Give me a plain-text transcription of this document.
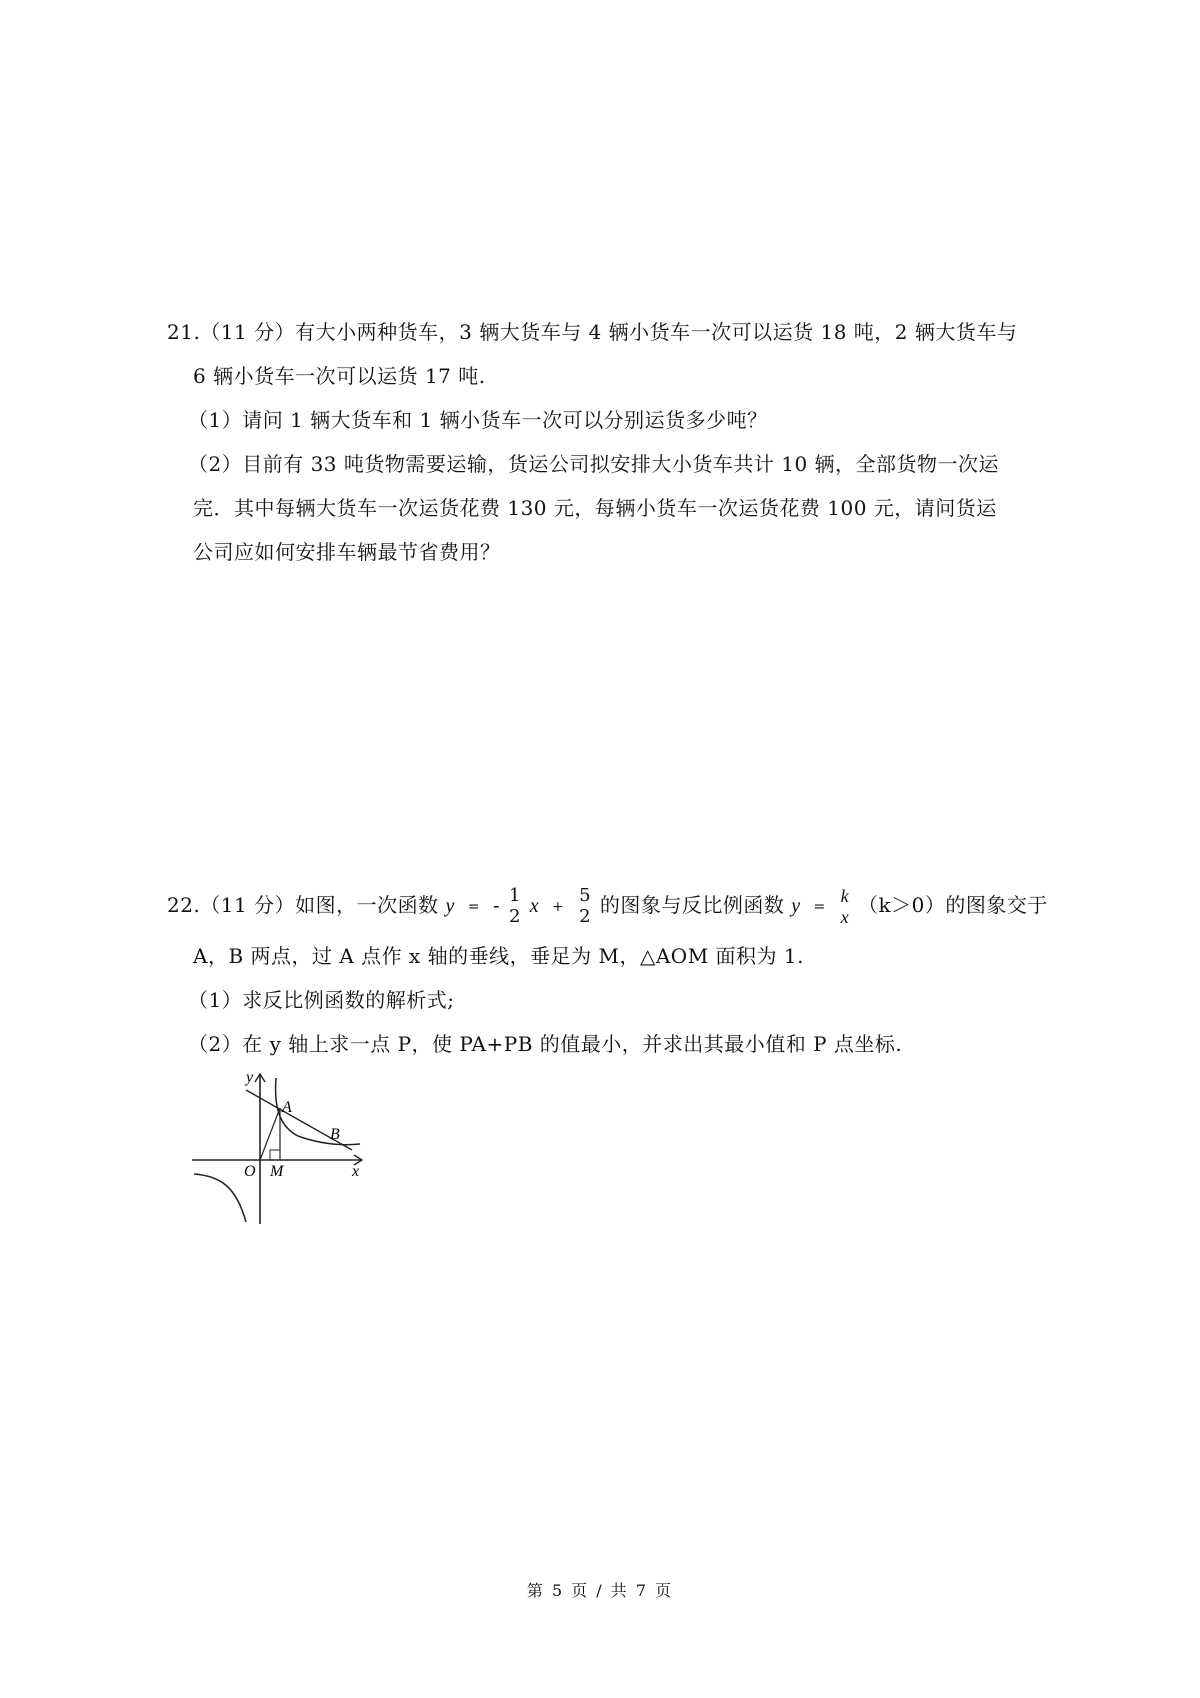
21.（11 分）有大小两种货车，3 辆大货车与 4 辆小货车一次可以运货 18 吨，2 辆大货车与
6 辆小货车一次可以运货 17 吨.
（1）请问 1 辆大货车和 1 辆小货车一次可以分别运货多少吨？
（2）目前有 33 吨货物需要运输，货运公司拟安排大小货车共计 10 辆，全部货物一次运
完．其中每辆大货车一次运货花费 130 元，每辆小货车一次运货花费 100 元，请问货运
公司应如何安排车辆最节省费用？
22.（11 分）如图，一次函数 y = - 1
2 x +
5
2 的图象与反比例函数 y =
k
x （k＞0）的图象交于
A，B 两点，过 A 点作 x 轴的垂线，垂足为 M，△AOM 面积为 1.
（1）求反比例函数的解析式;
（2）在 y 轴上求一点 P，使 PA+PB 的值最小，并求出其最小值和 P 点坐标.
y
x
O M
A
B
第 5 页 / 共 7 页
